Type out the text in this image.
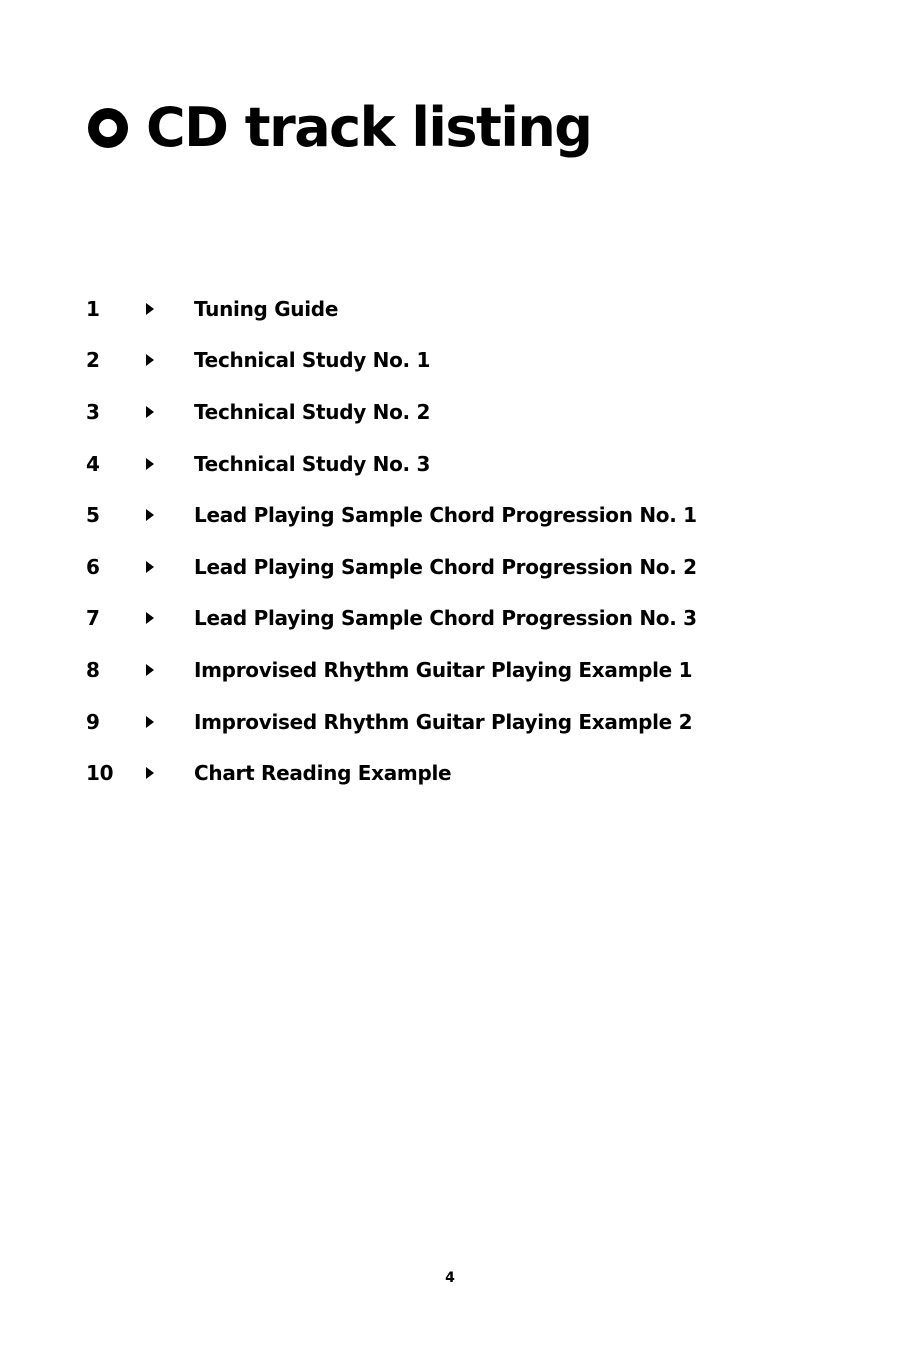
CD track listing
1	Tuning Guide
2	Technical Study No. 1
3	Technical Study No. 2
4	Technical Study No. 3
5	Lead Playing Sample Chord Progression No. 1
6	Lead Playing Sample Chord Progression No. 2
7	Lead Playing Sample Chord Progression No. 3
8	Improvised Rhythm Guitar Playing Example 1
9	Improvised Rhythm Guitar Playing Example 2
10	Chart Reading Example
4
